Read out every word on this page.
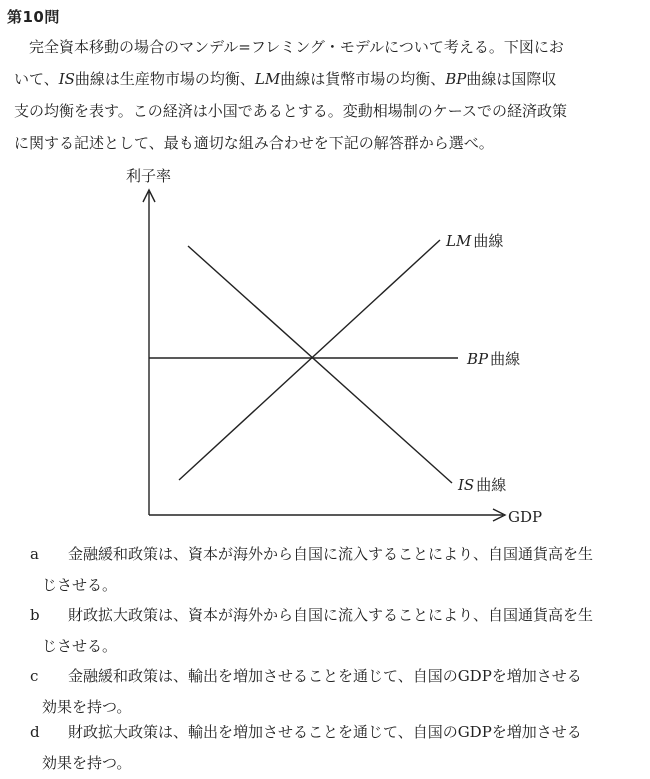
第10問

完全資本移動の場合のマンデル=フレミング・モデルについて考える。下図にお
いて、IS曲線は生産物市場の均衡、LM曲線は貨幣市場の均衡、BP曲線は国際収
支の均衡を表す。この経済は小国であるとする。変動相場制のケースでの経済政策
に関する記述として、最も適切な組み合わせを下記の解答群から選べ。

利子率
GDP
LM 曲線
BP 曲線
IS 曲線
a 金融緩和政策は、資本が海外から自国に流入することにより、自国通貨高を生
じさせる。
b 財政拡大政策は、資本が海外から自国に流入することにより、自国通貨高を生
じさせる。
c 金融緩和政策は、輸出を増加させることを通じて、自国のGDPを増加させる
効果を持つ。
d 財政拡大政策は、輸出を増加させることを通じて、自国のGDPを増加させる
効果を持つ。
